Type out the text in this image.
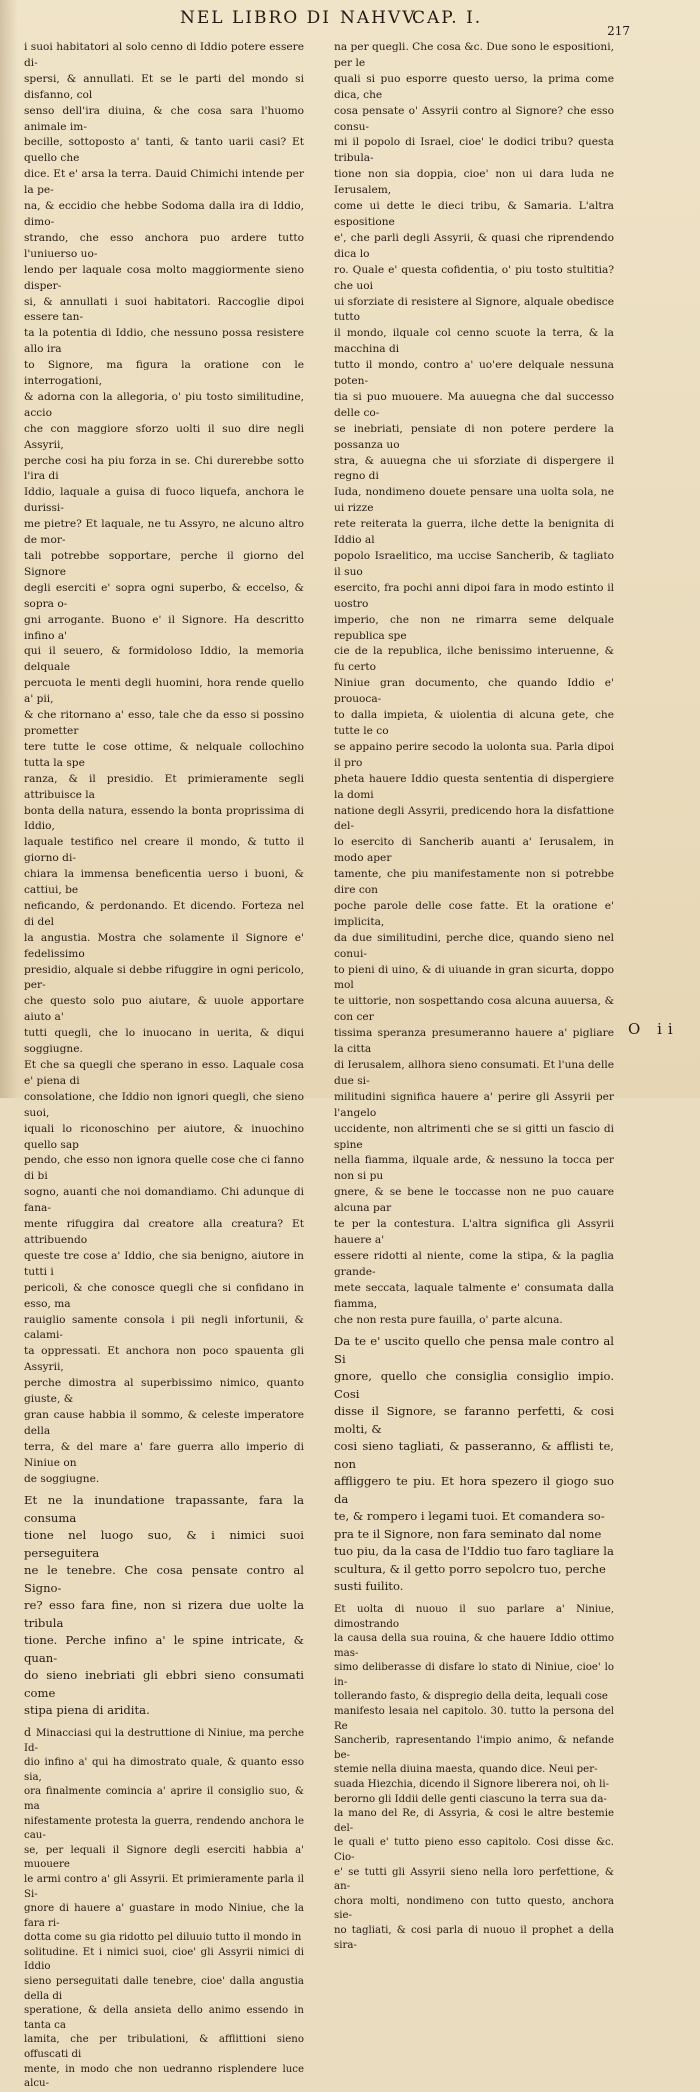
NEL LIBRO DI NAHVV.
CAP. I.
217

i suoi habitatori al solo cenno di Iddio potere essere di-
spersi, & annullati. Et se le parti del mondo si disfanno, col
senso dell'ira diuina, & che cosa sara l'huomo animale im-
becille, sottoposto a' tanti, & tanto uarii casi? Et quello che
dice. Et e' arsa la terra. Dauid Chimichi intende per la pe-
na, & eccidio che hebbe Sodoma dalla ira di Iddio, dimo-
strando, che esso anchora puo ardere tutto l'uniuerso uo-
lendo per laquale cosa molto maggiormente sieno disper-
si, & annullati i suoi habitatori. Raccoglie dipoi essere tan-
ta la potentia di Iddio, che nessuno possa resistere allo ira
to Signore, ma figura la oratione con le interrogationi,
& adorna con la allegoria, o' piu tosto similitudine, accio
che con maggiore sforzo uolti il suo dire negli Assyrii,
perche cosi ha piu forza in se. Chi durerebbe sotto l'ira di
Iddio, laquale a guisa di fuoco liquefa, anchora le durissi-
me pietre? Et laquale, ne tu Assyro, ne alcuno altro de mor-
tali potrebbe sopportare, perche il giorno del Signore
degli eserciti e' sopra ogni superbo, & eccelso, & sopra o-
gni arrogante. Buono e' il Signore. Ha descritto infino a'
qui il seuero, & formidoloso Iddio, la memoria delquale
percuota le menti degli huomini, hora rende quello a' pii,
& che ritornano a' esso, tale che da esso si possino prometter
tere tutte le cose ottime, & nelquale collochino tutta la spe
ranza, & il presidio. Et primieramente segli attribuisce la
bonta della natura, essendo la bonta proprissima di Iddio,
laquale testifico nel creare il mondo, & tutto il giorno di-
chiara la immensa beneficentia uerso i buoni, & cattiui, be
neficando, & perdonando. Et dicendo. Forteza nel di del
la angustia. Mostra che solamente il Signore e' fedelissimo
presidio, alquale si debbe rifuggire in ogni pericolo, per-
che questo solo puo aiutare, & uuole apportare aiuto a'
tutti quegli, che lo inuocano in uerita, & diqui soggiugne.
Et che sa quegli che sperano in esso. Laquale cosa e' piena di
consolatione, che Iddio non ignori quegli, che sieno suoi,
iquali lo riconoschino per aiutore, & inuochino quello sap
pendo, che esso non ignora quelle cose che ci fanno di bi
sogno, auanti che noi domandiamo. Chi adunque di fana-
mente rifuggira dal creatore alla creatura? Et attribuendo
queste tre cose a' Iddio, che sia benigno, aiutore in tutti i
pericoli, & che conosce quegli che si confidano in esso, ma
rauiglio samente consola i pii negli infortunii, & calami-
ta oppressati. Et anchora non poco spauenta gli Assyrii,
perche dimostra al superbissimo nimico, quanto giuste, &
gran cause habbia il sommo, & celeste imperatore della
terra, & del mare a' fare guerra allo imperio di Niniue on
de soggiugne.

Et ne la inundatione trapassante, fara la consuma
tione nel luogo suo, & i nimici suoi perseguitera
ne le tenebre. Che cosa pensate contro al Signo-
re? esso fara fine, non si rizera due uolte la tribula
tione. Perche infino a' le spine intricate, & quan-
do sieno inebriati gli ebbri sieno consumati come
stipa piena di aridita.

d Minacciasi qui la destruttione di Niniue, ma perche Id-
dio infino a' qui ha dimostrato quale, & quanto esso sia,
ora finalmente comincia a' aprire il consiglio suo, & ma
nifestamente protesta la guerra, rendendo anchora le cau-
se, per lequali il Signore degli eserciti habbia a' muouere
le armi contro a' gli Assyrii. Et primieramente parla il Si-
gnore di hauere a' guastare in modo Niniue, che la fara ri-
dotta come su gia ridotto pel diluuio tutto il mondo in
solitudine. Et i nimici suoi, cioe' gli Assyrii nimici di Iddio
sieno perseguitati dalle tenebre, cioe' dalla angustia della di
speratione, & della ansieta dello animo essendo in tanta ca
lamita, che per tribulationi, & afflittioni sieno offuscati di
mente, in modo che non uedranno risplendere luce alcu-

na per quegli. Che cosa &c. Due sono le espositioni, per le
quali si puo esporre questo uerso, la prima come dica, che
cosa pensate o' Assyrii contro al Signore? che esso consu-
mi il popolo di Israel, cioe' le dodici tribu? questa tribula-
tione non sia doppia, cioe' non ui dara luda ne Ierusalem,
come ui dette le dieci tribu, & Samaria. L'altra espositione
e', che parli degli Assyrii, & quasi che riprendendo dica lo
ro. Quale e' questa cofidentia, o' piu tosto stultitia? che uoi
ui sforziate di resistere al Signore, alquale obedisce tutto
il mondo, ilquale col cenno scuote la terra, & la macchina di
tutto il mondo, contro a' uo'ere delquale nessuna poten-
tia si puo muouere. Ma auuegna che dal successo delle co-
se inebriati, pensiate di non potere perdere la possanza uo
stra, & auuegna che ui sforziate di dispergere il regno di
Iuda, nondimeno douete pensare una uolta sola, ne ui rizze
rete reiterata la guerra, ilche dette la benignita di Iddio al
popolo Israelitico, ma uccise Sancherib, & tagliato il suo
esercito, fra pochi anni dipoi fara in modo estinto il uostro
imperio, che non ne rimarra seme delquale republica spe
cie de la republica, ilche benissimo interuenne, & fu certo
Niniue gran documento, che quando Iddio e' prouoca-
to dalla impieta, & uiolentia di alcuna gete, che tutte le co
se appaino perire secodo la uolonta sua. Parla dipoi il pro
pheta hauere Iddio questa sententia di dispergiere la domi
natione degli Assyrii, predicendo hora la disfattione del-
lo esercito di Sancherib auanti a' Ierusalem, in modo aper
tamente, che piu manifestamente non si potrebbe dire con
poche parole delle cose fatte. Et la oratione e' implicita,
da due similitudini, perche dice, quando sieno nel conui-
to pieni di uino, & di uiuande in gran sicurta, doppo mol
te uittorie, non sospettando cosa alcuna auuersa, & con cer
tissima speranza presumeranno hauere a' pigliare la citta
di Ierusalem, allhora sieno consumati. Et l'una delle due si-
militudini significa hauere a' perire gli Assyrii per l'angelo
uccidente, non altrimenti che se si gitti un fascio di spine
nella fiamma, ilquale arde, & nessuno la tocca per non si pu
gnere, & se bene le toccasse non ne puo cauare alcuna par
te per la contestura. L'altra significa gli Assyrii hauere a'
essere ridotti al niente, come la stipa, & la paglia grande-
mete seccata, laquale talmente e' consumata dalla fiamma,
che non resta pure fauilla, o' parte alcuna.

Da te e' uscito quello che pensa male contro al Si
gnore, quello che consiglia consiglio impio. Cosi
disse il Signore, se faranno perfetti, & cosi molti, &
cosi sieno tagliati, & passeranno, & afflisti te, non
affliggero te piu. Et hora spezero il giogo suo da
te, & rompero i legami tuoi. Et comandera so-
pra te il Signore, non fara seminato dal nome
tuo piu, da la casa de l'Iddio tuo faro tagliare la
scultura, & il getto porro sepolcro tuo, perche
susti fuilito.

Et uolta di nuouo il suo parlare a' Niniue, dimostrando
la causa della sua rouina, & che hauere Iddio ottimo mas-
simo deliberasse di disfare lo stato di Niniue, cioe' lo in-
tollerando fasto, & dispregio della deita, lequali cose
manifesto lesaia nel capitolo. 30. tutto la persona del Re
Sancherib, rapresentando l'impio animo, & nefande be-
stemie nella diuina maesta, quando dice. Neui per-
suada Hiezchia, dicendo il Signore liberera noi, oh li-
berorno gli Iddii delle genti ciascuno la terra sua da-
la mano del Re, di Assyria, & cosi le altre bestemie del-
le quali e' tutto pieno esso capitolo. Cosi disse &c. Cio-
e' se tutti gli Assyrii sieno nella loro perfettione, & an-
chora molti, nondimeno con tutto questo, anchora sie-
no tagliati, & cosi parla di nuouo il prophet a della sira-

O ii
